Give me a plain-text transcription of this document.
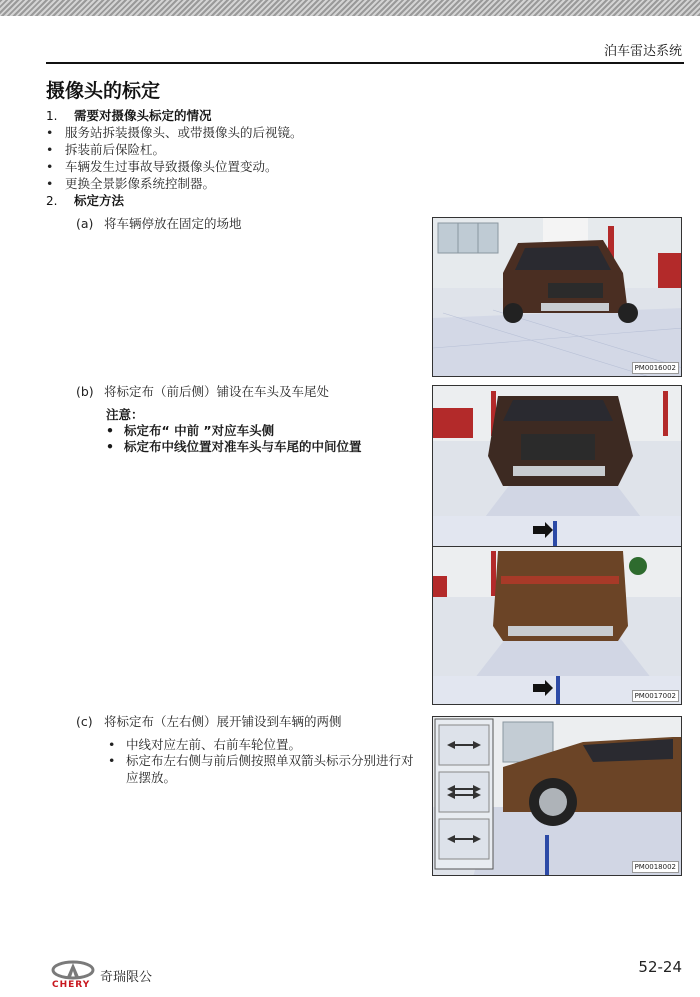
泊车雷达系统
摄像头的标定
1. 需要对摄像头标定的情况
• 服务站拆装摄像头、或带摄像头的后视镜。
• 拆装前后保险杠。
• 车辆发生过事故导致摄像头位置变动。
• 更换全景影像系统控制器。
2. 标定方法
(a) 将车辆停放在固定的场地
(b) 将标定布（前后侧）铺设在车头及车尾处
注意：
• 标定布“ 中前 ”对应车头侧
• 标定布中线位置对准车头与车尾的中间位置
(c) 将标定布（左右侧）展开铺设到车辆的两侧
• 中线对应左前、右前车轮位置。
• 标定布左右侧与前后侧按照单双箭头标示分别进行对应摆放。
PM0016002
PM0017002
PM0018002
CHERY 奇瑞限公
52-24
